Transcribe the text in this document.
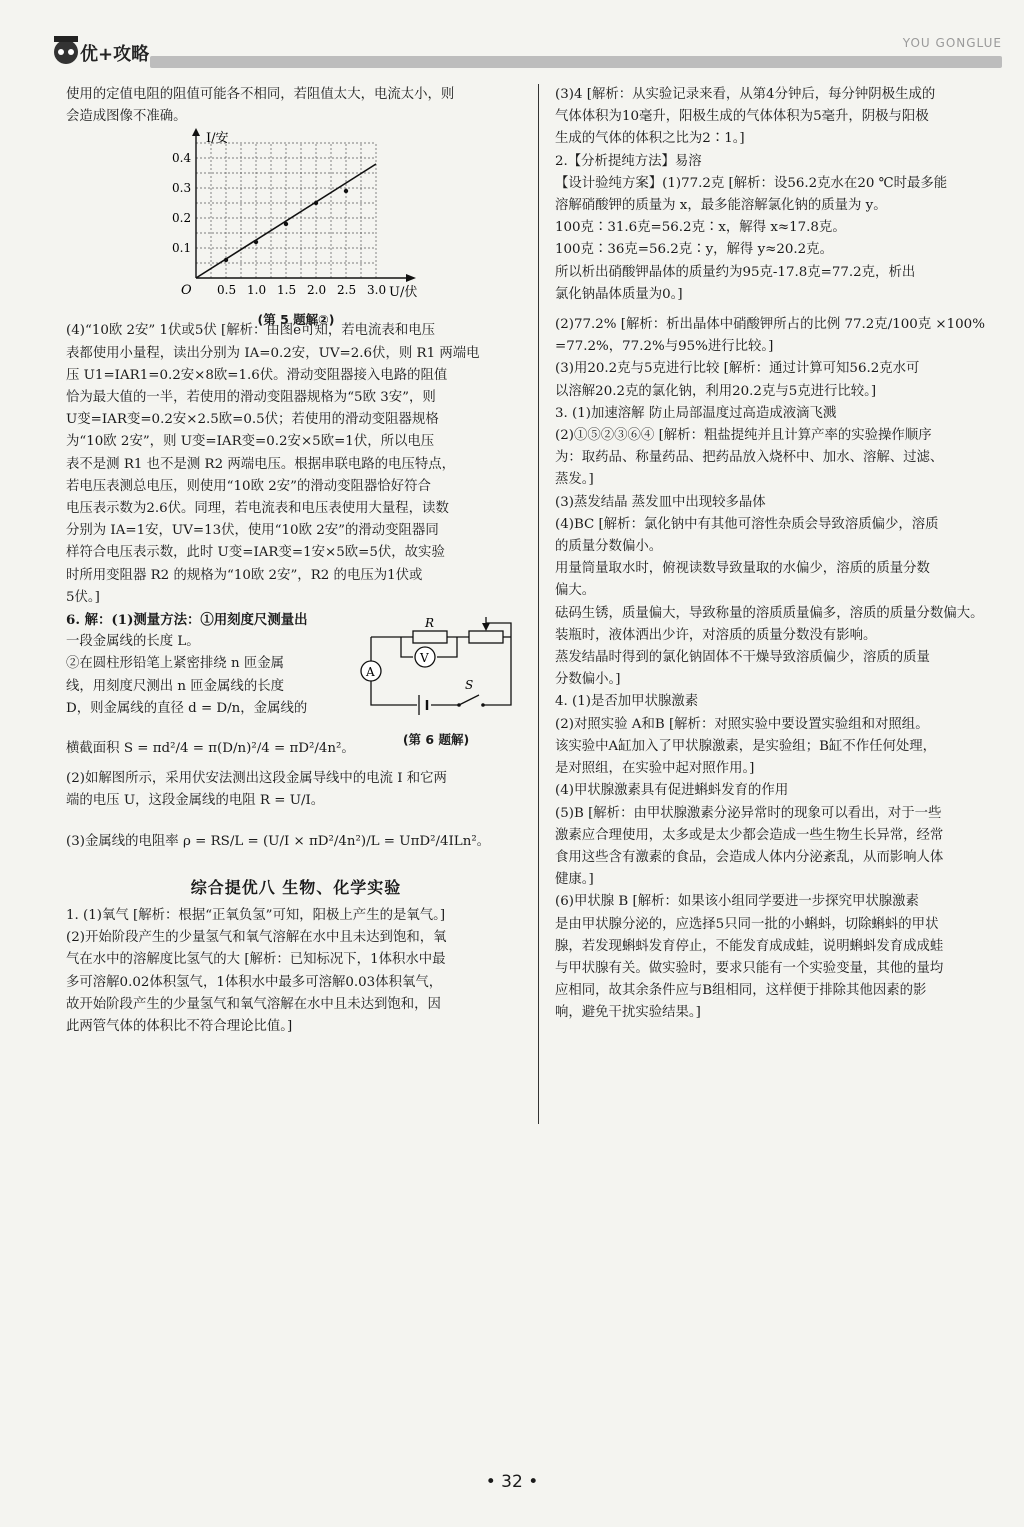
优+攻略
YOU GONGLUE

使用的定值电阻的阻值可能各不相同，若阻值太大，电流太小，则

会造成图像不准确。

I/安
U/伏
O 0.5 1.0 1.5 2.0 2.5 3.0
0.1
0.2
0.3
0.4
(第 5 题解②)

(4)“10欧 2安” 1伏或5伏 [解析：由图e可知，若电流表和电压

表都使用小量程，读出分别为 IA=0.2安，UV=2.6伏，则 R1 两端电

压 U1=IAR1=0.2安×8欧=1.6伏。滑动变阻器接入电路的阻值

恰为最大值的一半，若使用的滑动变阻器规格为“5欧 3安”，则

U变=IAR变=0.2安×2.5欧=0.5伏；若使用的滑动变阻器规格

为“10欧 2安”，则 U变=IAR变=0.2安×5欧=1伏，所以电压

表不是测 R1 也不是测 R2 两端电压。根据串联电路的电压特点，

若电压表测总电压，则使用“10欧 2安”的滑动变阻器恰好符合

电压表示数为2.6伏。同理，若电流表和电压表使用大量程，读数

分别为 IA=1安，UV=13伏，使用“10欧 2安”的滑动变阻器同

样符合电压表示数，此时 U变=IAR变=1安×5欧=5伏，故实验

时所用变阻器 R2 的规格为“10欧 2安”，R2 的电压为1伏或

5伏。]

6. 解：(1)测量方法：①用刻度尺测量出

一段金属线的长度 L。

②在圆柱形铅笔上紧密排绕 n 匝金属

线，用刻度尺测出 n 匝金属线的长度

D，则金属线的直径 d = D/n，金属线的

V
R
A
S
(第 6 题解)

横截面积 S = πd²/4 = π(D/n)²/4 = πD²/4n²。

(2)如解图所示，采用伏安法测出这段金属导线中的电流 I 和它两

端的电压 U，这段金属线的电阻 R = U/I。

(3)金属线的电阻率 ρ = RS/L = (U/I × πD²/4n²)/L = UπD²/4ILn²。

综合提优八 生物、化学实验

1. (1)氧气 [解析：根据“正氧负氢”可知，阳极上产生的是氧气。]

(2)开始阶段产生的少量氢气和氧气溶解在水中且未达到饱和，氧

气在水中的溶解度比氢气的大 [解析：已知标况下，1体积水中最

多可溶解0.02体积氢气，1体积水中最多可溶解0.03体积氧气，

故开始阶段产生的少量氢气和氧气溶解在水中且未达到饱和，因

此两管气体的体积比不符合理论比值。]

(3)4 [解析：从实验记录来看，从第4分钟后，每分钟阴极生成的

气体体积为10毫升，阳极生成的气体体积为5毫升，阴极与阳极

生成的气体的体积之比为2∶1。]

2.【分析提纯方法】易溶

【设计验纯方案】(1)77.2克 [解析：设56.2克水在20 ℃时最多能

溶解硝酸钾的质量为 x，最多能溶解氯化钠的质量为 y。

100克∶31.6克=56.2克∶x，解得 x≈17.8克。

100克∶36克=56.2克∶y，解得 y≈20.2克。

所以析出硝酸钾晶体的质量约为95克-17.8克=77.2克，析出

氯化钠晶体质量为0。]

(2)77.2% [解析：析出晶体中硝酸钾所占的比例 77.2克/100克 ×100%

=77.2%，77.2%与95%进行比较。]

(3)用20.2克与5克进行比较 [解析：通过计算可知56.2克水可

以溶解20.2克的氯化钠，利用20.2克与5克进行比较。]

3. (1)加速溶解 防止局部温度过高造成液滴飞溅

(2)①⑤②③⑥④ [解析：粗盐提纯并且计算产率的实验操作顺序

为：取药品、称量药品、把药品放入烧杯中、加水、溶解、过滤、

蒸发。]

(3)蒸发结晶 蒸发皿中出现较多晶体

(4)BC [解析：氯化钠中有其他可溶性杂质会导致溶质偏少，溶质

的质量分数偏小。

用量筒量取水时，俯视读数导致量取的水偏少，溶质的质量分数

偏大。

砝码生锈，质量偏大，导致称量的溶质质量偏多，溶质的质量分数偏大。

装瓶时，液体洒出少许，对溶质的质量分数没有影响。

蒸发结晶时得到的氯化钠固体不干燥导致溶质偏少，溶质的质量

分数偏小。]

4. (1)是否加甲状腺激素

(2)对照实验 A和B [解析：对照实验中要设置实验组和对照组。

该实验中A缸加入了甲状腺激素，是实验组；B缸不作任何处理，

是对照组，在实验中起对照作用。]

(4)甲状腺激素具有促进蝌蚪发育的作用

(5)B [解析：由甲状腺激素分泌异常时的现象可以看出，对于一些

激素应合理使用，太多或是太少都会造成一些生物生长异常，经常

食用这些含有激素的食品，会造成人体内分泌紊乱，从而影响人体

健康。]

(6)甲状腺 B [解析：如果该小组同学要进一步探究甲状腺激素

是由甲状腺分泌的，应选择5只同一批的小蝌蚪，切除蝌蚪的甲状

腺，若发现蝌蚪发育停止，不能发育成成蛙，说明蝌蚪发育成成蛙

与甲状腺有关。做实验时，要求只能有一个实验变量，其他的量均

应相同，故其余条件应与B组相同，这样便于排除其他因素的影

响，避免干扰实验结果。]

• 32 •
